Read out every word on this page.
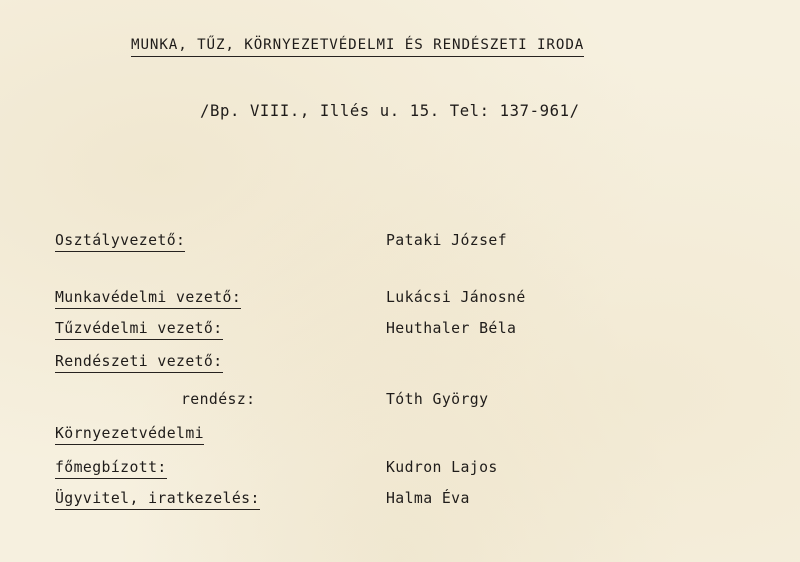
MUNKA, TŰZ, KÖRNYEZETVÉDELMI ÉS RENDÉSZETI IRODA
/Bp. VIII., Illés u. 15. Tel: 137-961/
Osztályvezető:	Pataki József
Munkavédelmi vezető:	Lukácsi Jánosné
Tűzvédelmi vezető:	Heuthaler Béla
Rendészeti vezető:
rendész:	Tóth György
Környezetvédelmi
főmegbízott:	Kudron Lajos
Ügyvitel, iratkezelés:	Halma Éva
